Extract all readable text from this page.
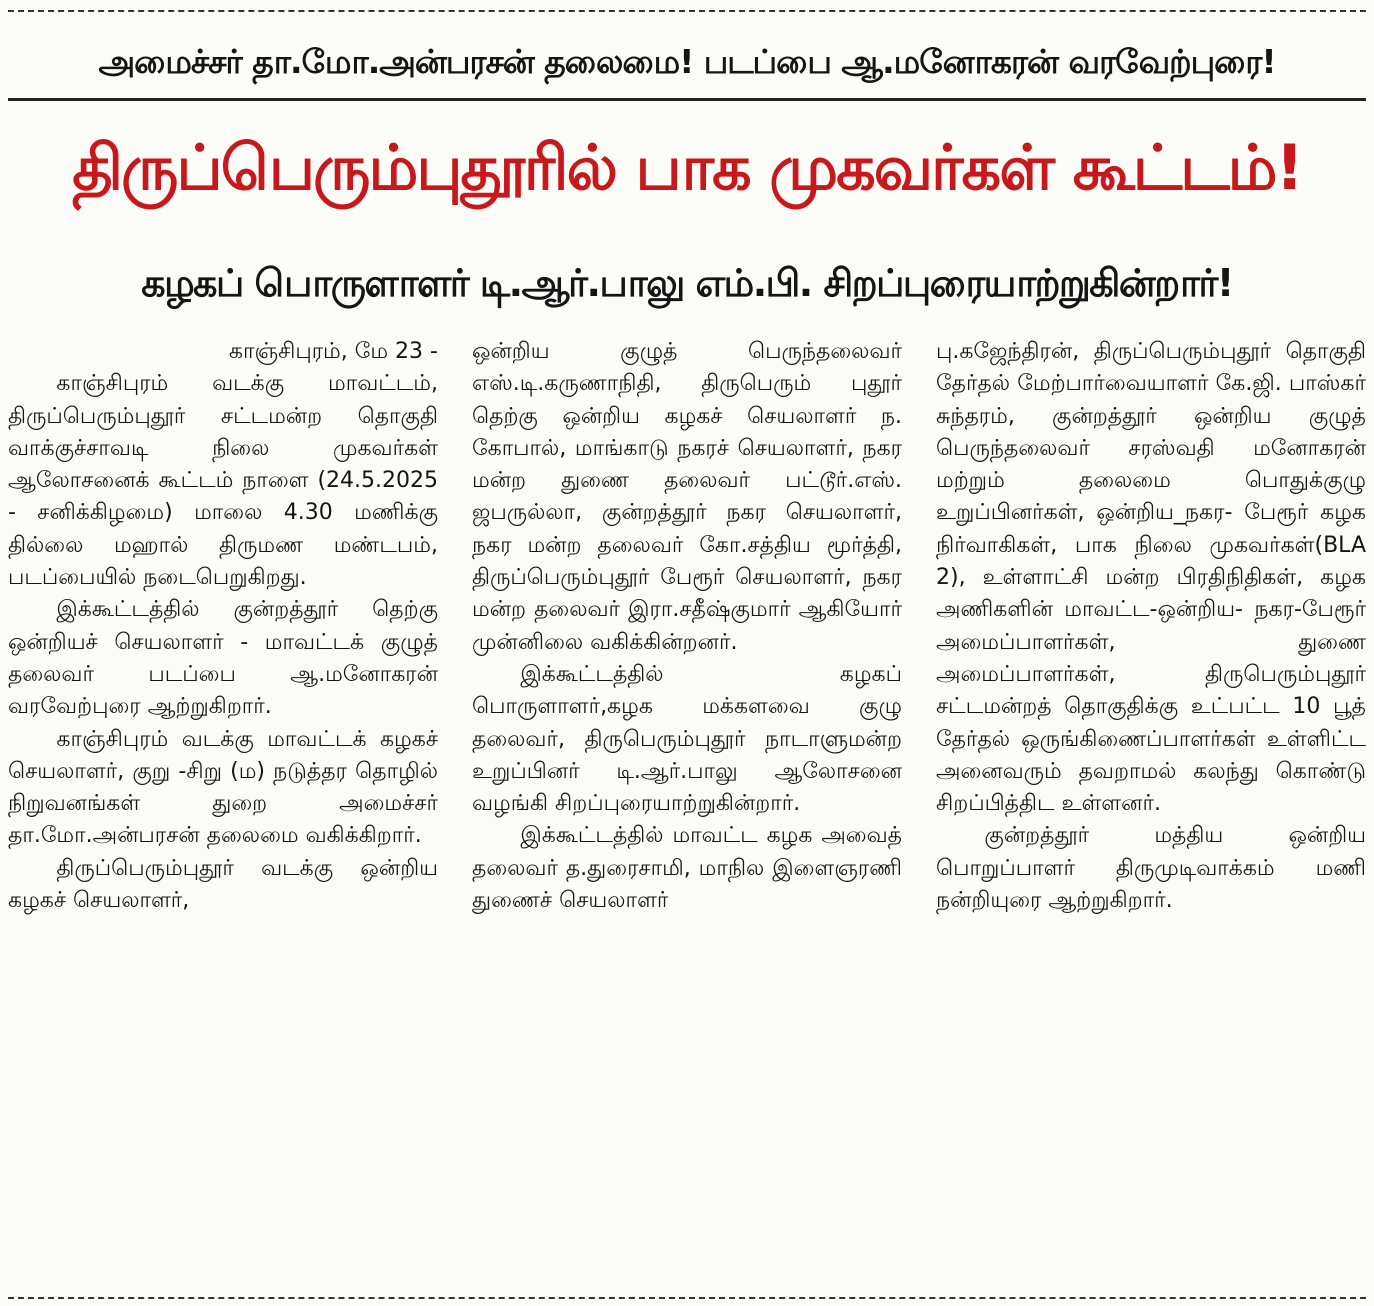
அமைச்சர் தா.மோ.அன்பரசன் தலைமை! படப்பை ஆ.மனோகரன் வரவேற்புரை!
திருப்பெரும்புதூரில் பாக முகவர்கள் கூட்டம்!
கழகப் பொருளாளர் டி.ஆர்.பாலு எம்.பி. சிறப்புரையாற்றுகின்றார்!

காஞ்சிபுரம், மே 23 -

காஞ்சிபுரம் வடக்கு மாவட்டம், திருப்பெரும்புதூர் சட்டமன்ற தொகுதி வாக்குச்சாவடி நிலை முகவர்கள் ஆலோசனைக் கூட்டம் நாளை (24.5.2025 - சனிக்கிழமை) மாலை 4.30 மணிக்கு தில்லை மஹால் திருமண மண்டபம், படப்பையில் நடைபெறுகிறது.

இக்கூட்டத்தில் குன்றத்தூர் தெற்கு ஒன்றியச் செயலாளர் - மாவட்டக் குழுத் தலைவர் படப்பை ஆ.மனோகரன் வரவேற்புரை ஆற்றுகிறார்.

காஞ்சிபுரம் வடக்கு மாவட்டக் கழகச் செயலாளர், குறு -சிறு (ம) நடுத்தர தொழில் நிறுவனங்கள் துறை அமைச்சர் தா.மோ.அன்பரசன் தலைமை வகிக்கிறார்.

திருப்பெரும்புதூர் வடக்கு ஒன்றிய கழகச் செயலாளர்,

ஒன்றிய குழுத் பெருந்தலைவர் எஸ்.டி.கருணாநிதி, திருபெரும் புதூர் தெற்கு ஒன்றிய கழகச் செயலாளர் ந. கோபால், மாங்காடு நகரச் செயலாளர், நகர மன்ற துணை தலைவர் பட்டூர்.எஸ். ஜபருல்லா, குன்றத்தூர் நகர செயலாளர், நகர மன்ற தலைவர் கோ.சத்திய மூர்த்தி, திருப்பெரும்புதூர் பேரூர் செயலாளர், நகர மன்ற தலைவர் இரா.சதீஷ்குமார் ஆகியோர் முன்னிலை வகிக்கின்றனர்.

இக்கூட்டத்தில் கழகப் பொருளாளர்,கழக மக்களவை குழு தலைவர், திருபெரும்புதூர் நாடாளுமன்ற உறுப்பினர் டி.ஆர்.பாலு ஆலோசனை வழங்கி சிறப்புரையாற்றுகின்றார்.

இக்கூட்டத்தில் மாவட்ட கழக அவைத் தலைவர் த.துரைசாமி, மாநில இளைஞரணி துணைச் செயலாளர்

பு.கஜேந்திரன், திருப்பெரும்புதூர் தொகுதி தேர்தல் மேற்பார்வையாளர் கே.ஜி. பாஸ்கர் சுந்தரம், குன்றத்தூர் ஒன்றிய குழுத் பெருந்தலைவர் சரஸ்வதி மனோகரன் மற்றும் தலைமை பொதுக்குழு உறுப்பினர்கள், ஒன்றிய_நகர- பேரூர் கழக நிர்வாகிகள், பாக நிலை முகவர்கள்(BLA 2), உள்ளாட்சி மன்ற பிரதிநிதிகள், கழக அணிகளின் மாவட்ட-ஒன்றிய- நகர-பேரூர் அமைப்பாளர்கள், துணை அமைப்பாளர்கள், திருபெரும்புதூர் சட்டமன்றத் தொகுதிக்கு உட்பட்ட 10 பூத் தேர்தல் ஒருங்கிணைப்பாளர்கள் உள்ளிட்ட அனைவரும் தவறாமல் கலந்து கொண்டு சிறப்பித்திட உள்ளனர்.

குன்றத்தூர் மத்திய ஒன்றிய பொறுப்பாளர் திருமுடிவாக்கம் மணி நன்றியுரை ஆற்றுகிறார்.
